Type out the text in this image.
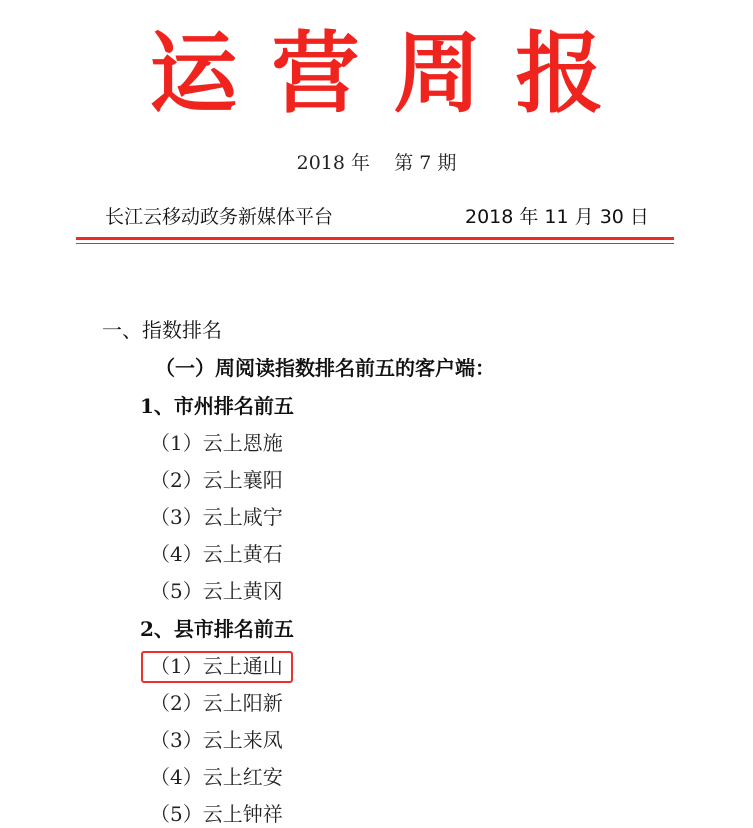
运营周报
2018 年 第 7 期
长江云移动政务新媒体平台	2018 年 11 月 30 日
一、指数排名
（一）周阅读指数排名前五的客户端：
1、市州排名前五
（1）云上恩施
（2）云上襄阳
（3）云上咸宁
（4）云上黄石
（5）云上黄冈
2、县市排名前五
（1）云上通山
（2）云上阳新
（3）云上来凤
（4）云上红安
（5）云上钟祥
